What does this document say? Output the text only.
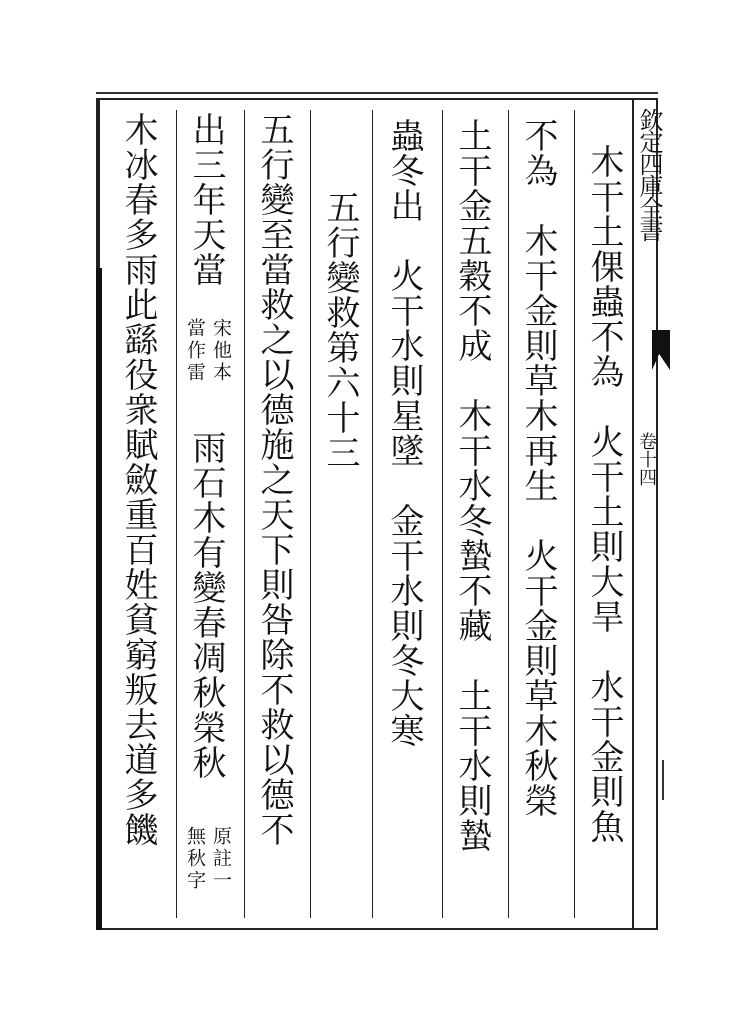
欽定四庫全書
卷十四
木干土倮蟲不為　火干土則大旱　水干金則魚
不為　木干金則草木再生　火干金則草木秋榮
土干金五穀不成　木干水冬蟄不藏　土干水則蟄
蟲冬出　火干水則星墜　金干水則冬大寒
五行變救第六十三
五行變至當救之以德施之天下則咎除不救以德不
出三年天當
宋他本
當作雷
雨石木有變春凋秋榮秋
原註一
無秋字
木冰春多雨此繇役衆賦斂重百姓貧窮叛去道多饑
